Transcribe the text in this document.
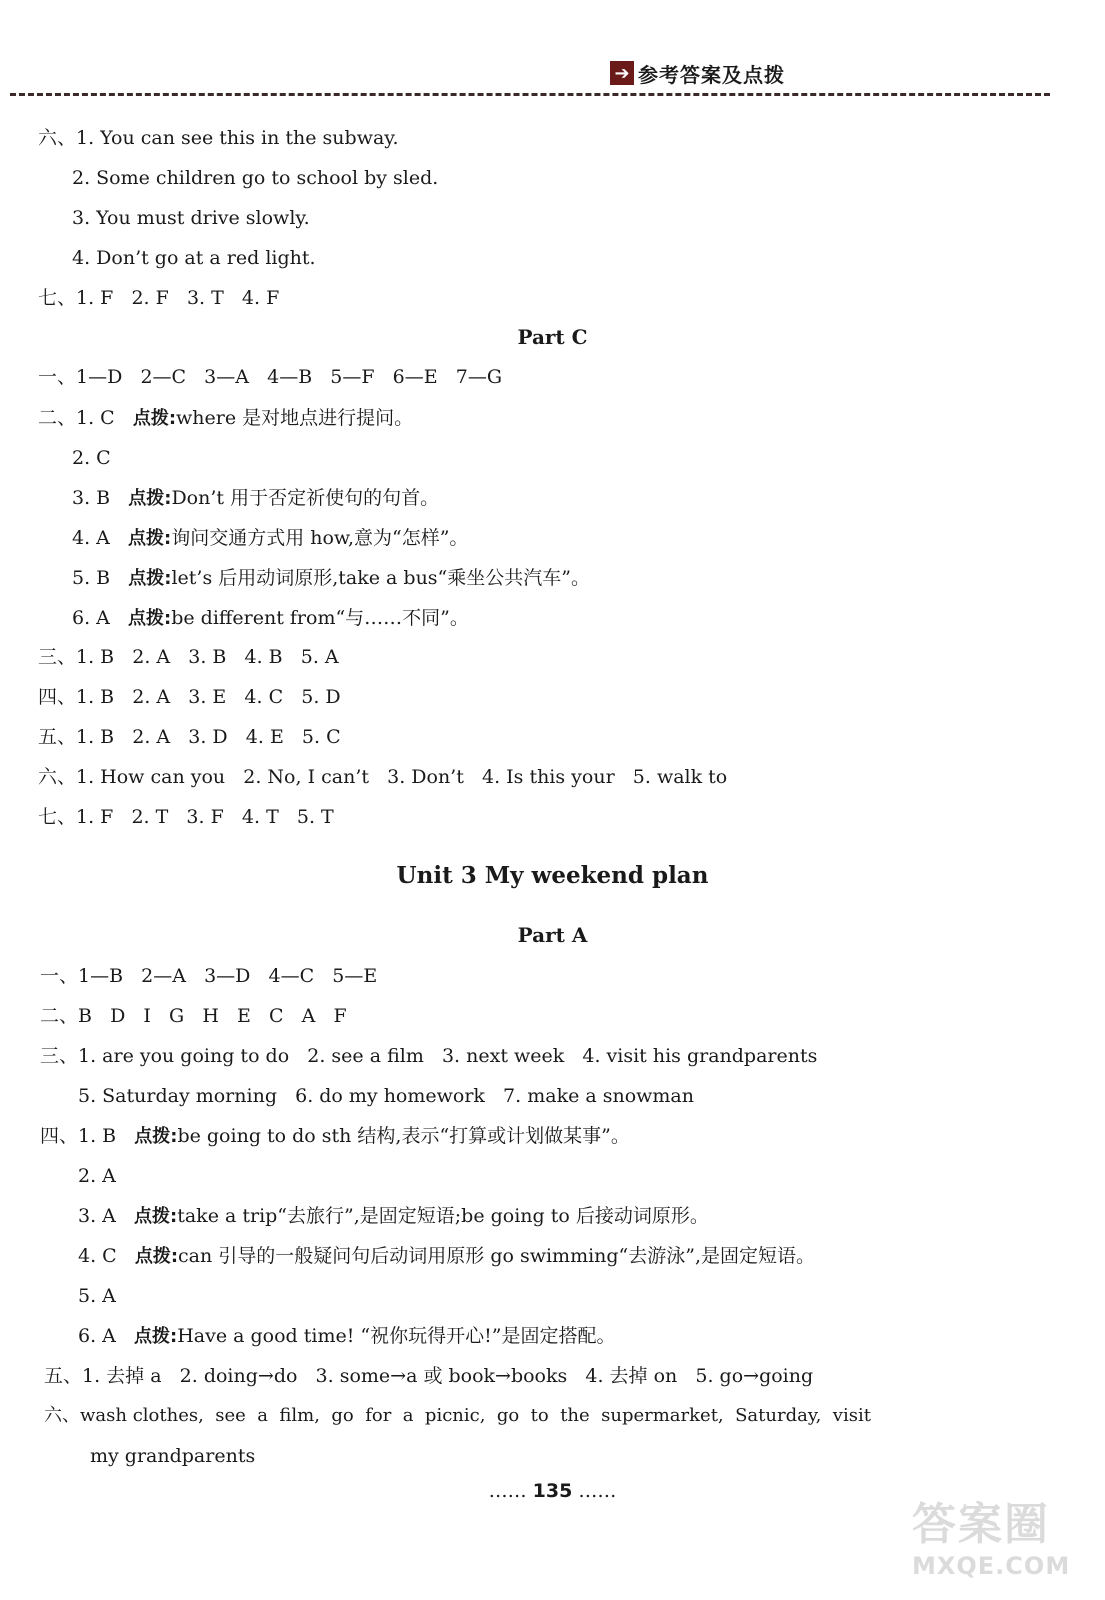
➔ 参考答案及点拨
六、1. You can see this in the subway.
2. Some children go to school by sled.
3. You must drive slowly.
4. Don’t go at a red light.
七、1. F   2. F   3. T   4. F
Part C
一、1—D   2—C   3—A   4—B   5—F   6—E   7—G
二、1. C   点拨:where 是对地点进行提问。
2. C
3. B   点拨:Don’t 用于否定祈使句的句首。
4. A   点拨:询问交通方式用 how,意为“怎样”。
5. B   点拨:let’s 后用动词原形,take a bus“乘坐公共汽车”。
6. A   点拨:be different from“与……不同”。
三、1. B   2. A   3. B   4. B   5. A
四、1. B   2. A   3. E   4. C   5. D
五、1. B   2. A   3. D   4. E   5. C
六、1. How can you   2. No, I can’t   3. Don’t   4. Is this your   5. walk to
七、1. F   2. T   3. F   4. T   5. T
Unit 3 My weekend plan
Part A
一、1—B   2—A   3—D   4—C   5—E
二、B   D   I   G   H   E   C   A   F
三、1. are you going to do   2. see a film   3. next week   4. visit his grandparents
5. Saturday morning   6. do my homework   7. make a snowman
四、1. B   点拨:be going to do sth 结构,表示“打算或计划做某事”。
2. A
3. A   点拨:take a trip“去旅行”,是固定短语;be going to 后接动词原形。
4. C   点拨:can 引导的一般疑问句后动词用原形 go swimming“去游泳”,是固定短语。
5. A
6. A   点拨:Have a good time! “祝你玩得开心!”是固定搭配。
五、1. 去掉 a   2. doing→do   3. some→a 或 book→books   4. 去掉 on   5. go→going
六、wash clothes,  see  a  film,  go  for  a  picnic,  go  to  the  supermarket,  Saturday,  visit
my grandparents
…… 135 ……
答案圈
MXQE.COM
